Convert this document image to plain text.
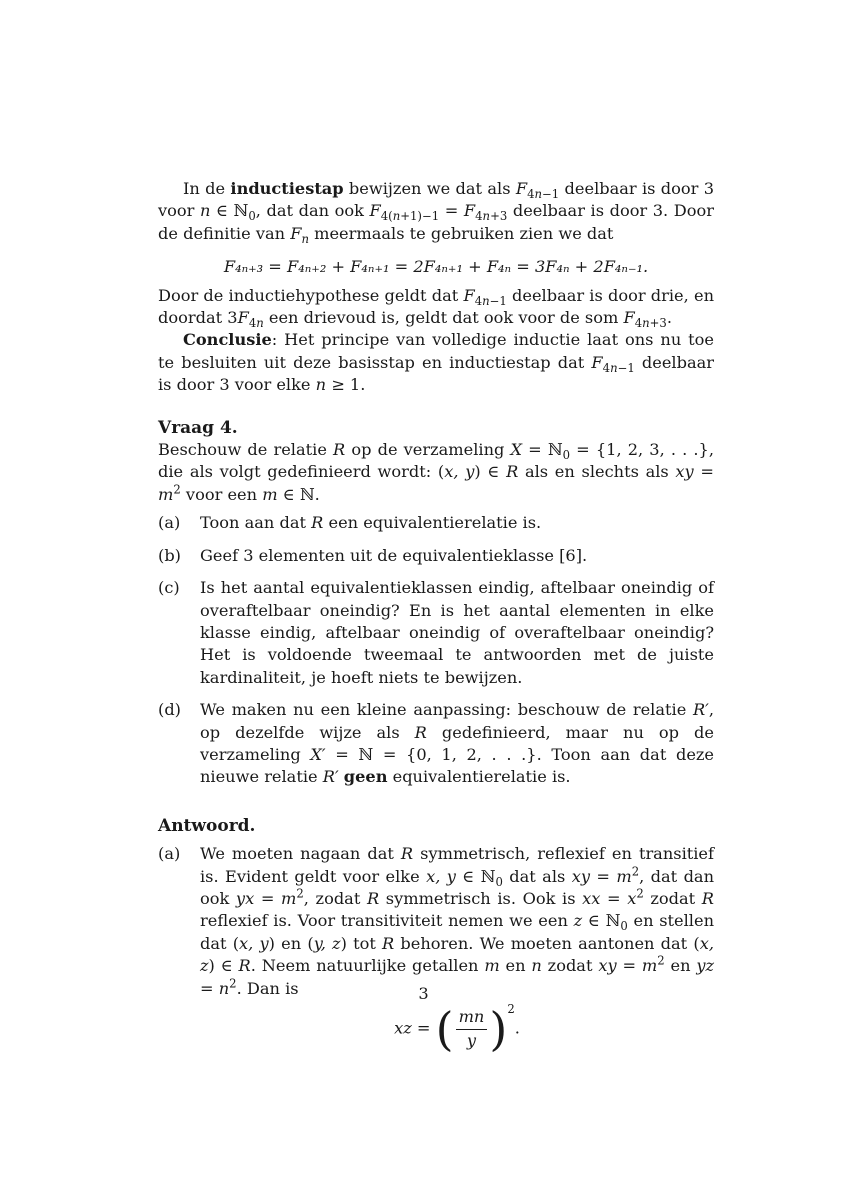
In de inductiestap bewijzen we dat als $F_{4n-1}$ deelbaar is door 3 voor n ∈ ℕ$_0$, dat dan ook $F_{4(n+1)-1} = F_{4n+3}$ deelbaar is door 3. Door de definitie van $F_n$ meermaals te gebruiken zien we dat

F₄ₙ₊₃ = F₄ₙ₊₂ + F₄ₙ₊₁ = 2F₄ₙ₊₁ + F₄ₙ = 3F₄ₙ + 2F₄ₙ₋₁.

Door de inductiehypothese geldt dat $F_{4n-1}$ deelbaar is door drie, en doordat $3F_{4n}$ een drievoud is, geldt dat ook voor de som $F_{4n+3}$.

Conclusie: Het principe van volledige inductie laat ons nu toe te besluiten uit deze basisstap en inductiestap dat $F_{4n-1}$ deelbaar is door 3 voor elke n ≥ 1.

Vraag 4.

Beschouw de relatie R op de verzameling X = ℕ$_0$ = {1, 2, 3, . . .}, die als volgt gedefinieerd wordt: (x, y) ∈ R als en slechts als xy = $m^2$ voor een m ∈ ℕ.

(a)	Toon aan dat R een equivalentierelatie is.
(b)	Geef 3 elementen uit de equivalentieklasse [6].
(c)	Is het aantal equivalentieklassen eindig, aftelbaar oneindig of overaftelbaar oneindig? En is het aantal elementen in elke klasse eindig, aftelbaar oneindig of overaftelbaar oneindig? Het is voldoende tweemaal te antwoorden met de juiste kardinaliteit, je hoeft niets te bewijzen.
(d)	We maken nu een kleine aanpassing: beschouw de relatie R′, op dezelfde wijze als R gedefinieerd, maar nu op de verzameling X′ = ℕ = {0, 1, 2, . . .}. Toon aan dat deze nieuwe relatie R′ geen equivalentierelatie is.
Antwoord.
(a)	We moeten nagaan dat R symmetrisch, reflexief en transitief is. Evident geldt voor elke x, y ∈ ℕ$_0$ dat als xy = $m^2$, dat dan ook yx = $m^2$, zodat R symmetrisch is. Ook is xx = $x^2$ zodat R reflexief is. Voor transitiviteit nemen we een z ∈ ℕ$_0$ en stellen dat (x, y) en (y, z) tot R behoren. We moeten aantonen dat (x, z) ∈ R. Neem natuurlijke getallen m en n zodat xy = $m^2$ en yz = $n^2$. Dan is
xz = ( $\frac{mn}{y} )^2$.
3
